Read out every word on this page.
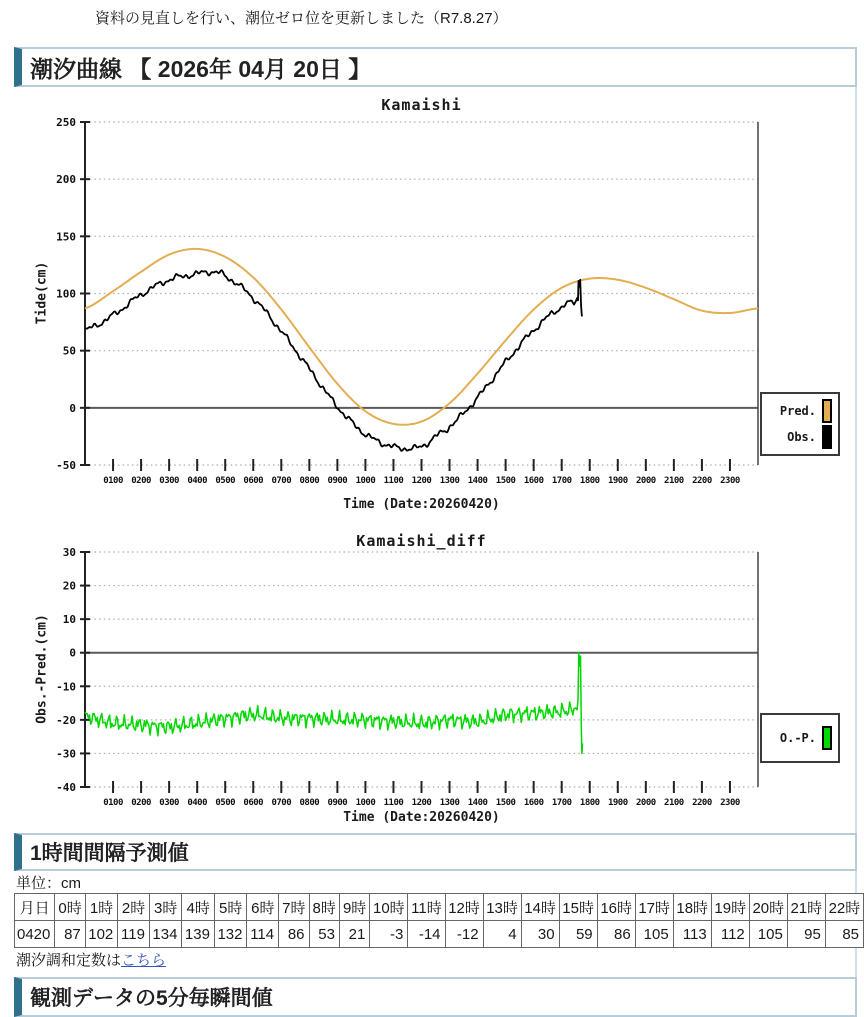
資料の見直しを行い、潮位ゼロ位を更新しました（R7.8.27）
潮汐曲線 【 2026年 04月 20日 】
Kamaishi
Tide(cm)
250
200
150
100
50
0
-50
0100 0200 0300 0400 0500 0600 0700 0800 0900 1000 1100 1200 1300 1400 1500 1600 1700 1800 1900 2000 2100 2200 2300
Time (Date:20260420)
Pred.
Obs.
Kamaishi_diff
Obs.-Pred.(cm)
30
20
10
0
-10
-20
-30
-40
0100 0200 0300 0400 0500 0600 0700 0800 0900 1000 1100 1200 1300 1400 1500 1600 1700 1800 1900 2000 2100 2200 2300
Time (Date:20260420)
O.-P.
1時間間隔予測値
単位：cm
月日	0時	1時	2時	3時	4時	5時	6時	7時	8時	9時	10時	11時	12時	13時	14時	15時	16時	17時	18時	19時	20時	21時	22時
0420	87	102	119	134	139	132	114	86	53	21	-3	-14	-12	4	30	59	86	105	113	112	105	95	85
潮汐調和定数はこちら
観測データの5分毎瞬間値
